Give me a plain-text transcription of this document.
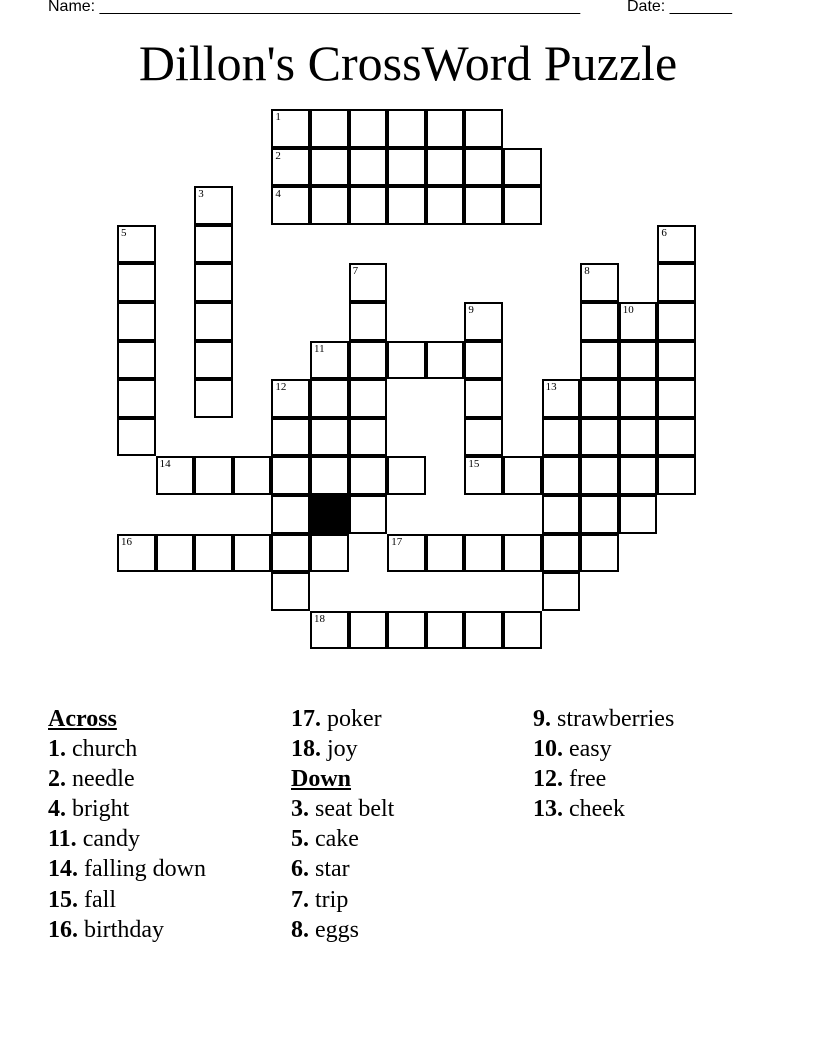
Name: ______________________________________________________	Date: _______
Dillon's CrossWord Puzzle
1
2
3	4
5	6
7	8
9	10
11
12	13
14	15
16	17
18
Across
1. church
2. needle
4. bright
11. candy
14. falling down
15. fall
16. birthday
17. poker
18. joy
Down
3. seat belt
5. cake
6. star
7. trip
8. eggs
9. strawberries
10. easy
12. free
13. cheek
